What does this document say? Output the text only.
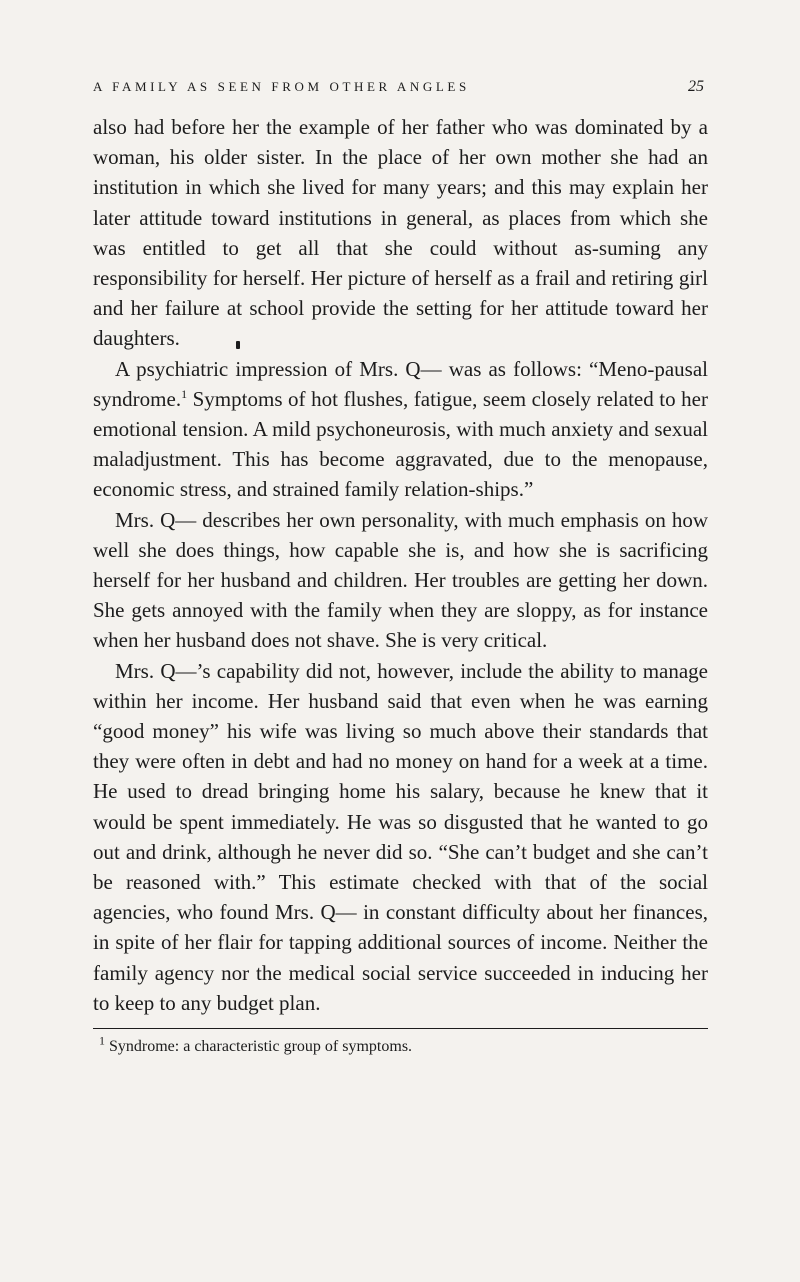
A FAMILY AS SEEN FROM OTHER ANGLES	25

also had before her the example of her father who was dominated by a woman, his older sister. In the place of her own mother she had an institution in which she lived for many years; and this may explain her later attitude toward institutions in general, as places from which she was entitled to get all that she could without as-suming any responsibility for herself. Her picture of herself as a frail and retiring girl and her failure at school provide the setting for her attitude toward her daughters.

A psychiatric impression of Mrs. Q— was as follows: “Meno-pausal syndrome.$^1$ Symptoms of hot flushes, fatigue, seem closely related to her emotional tension. A mild psychoneurosis, with much anxiety and sexual maladjustment. This has become aggravated, due to the menopause, economic stress, and strained family relation-ships.”

Mrs. Q— describes her own personality, with much emphasis on how well she does things, how capable she is, and how she is sacrificing herself for her husband and children. Her troubles are getting her down. She gets annoyed with the family when they are sloppy, as for instance when her husband does not shave. She is very critical.

Mrs. Q—’s capability did not, however, include the ability to manage within her income. Her husband said that even when he was earning “good money” his wife was living so much above their standards that they were often in debt and had no money on hand for a week at a time. He used to dread bringing home his salary, because he knew that it would be spent immediately. He was so disgusted that he wanted to go out and drink, although he never did so. “She can’t budget and she can’t be reasoned with.” This estimate checked with that of the social agencies, who found Mrs. Q— in constant difficulty about her finances, in spite of her flair for tapping additional sources of income. Neither the family agency nor the medical social service succeeded in inducing her to keep to any budget plan.

$^1$ Syndrome: a characteristic group of symptoms.
